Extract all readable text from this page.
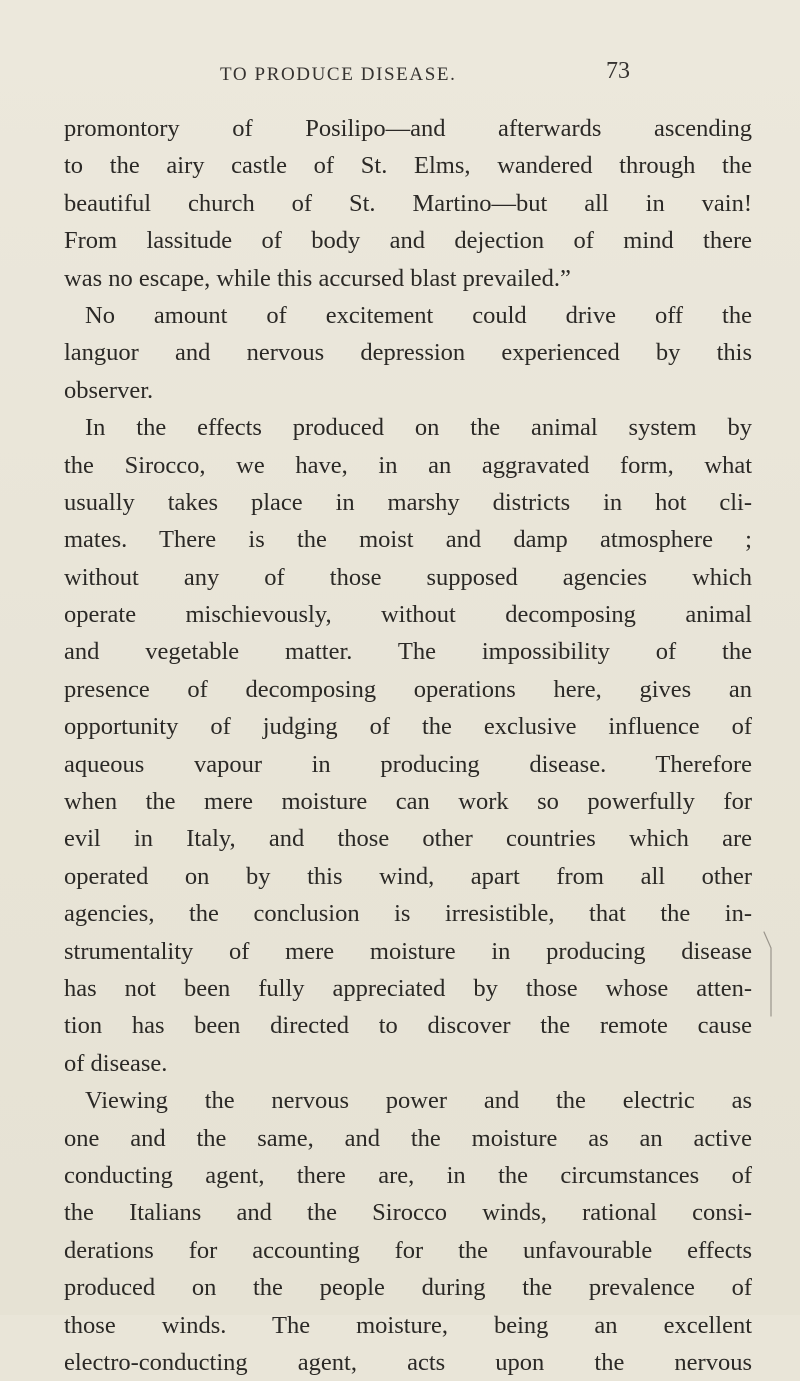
TO PRODUCE DISEASE.	73
promontory of Posilipo—and afterwards ascending
to the airy castle of St. Elms, wandered through the
beautiful church of St. Martino—but all in vain!
From lassitude of body and dejection of mind there
was no escape, while this accursed blast prevailed.”
No amount of excitement could drive off the
languor and nervous depression experienced by this
observer.
In the effects produced on the animal system by
the Sirocco, we have, in an aggravated form, what
usually takes place in marshy districts in hot cli-
mates. There is the moist and damp atmosphere ;
without any of those supposed agencies which
operate mischievously, without decomposing animal
and vegetable matter. The impossibility of the
presence of decomposing operations here, gives an
opportunity of judging of the exclusive influence of
aqueous vapour in producing disease. Therefore
when the mere moisture can work so powerfully for
evil in Italy, and those other countries which are
operated on by this wind, apart from all other
agencies, the conclusion is irresistible, that the in-
strumentality of mere moisture in producing disease
has not been fully appreciated by those whose atten-
tion has been directed to discover the remote cause
of disease.
Viewing the nervous power and the electric as
one and the same, and the moisture as an active
conducting agent, there are, in the circumstances of
the Italians and the Sirocco winds, rational consi-
derations for accounting for the unfavourable effects
produced on the people during the prevalence of
those winds. The moisture, being an excellent
electro-conducting agent, acts upon the nervous
